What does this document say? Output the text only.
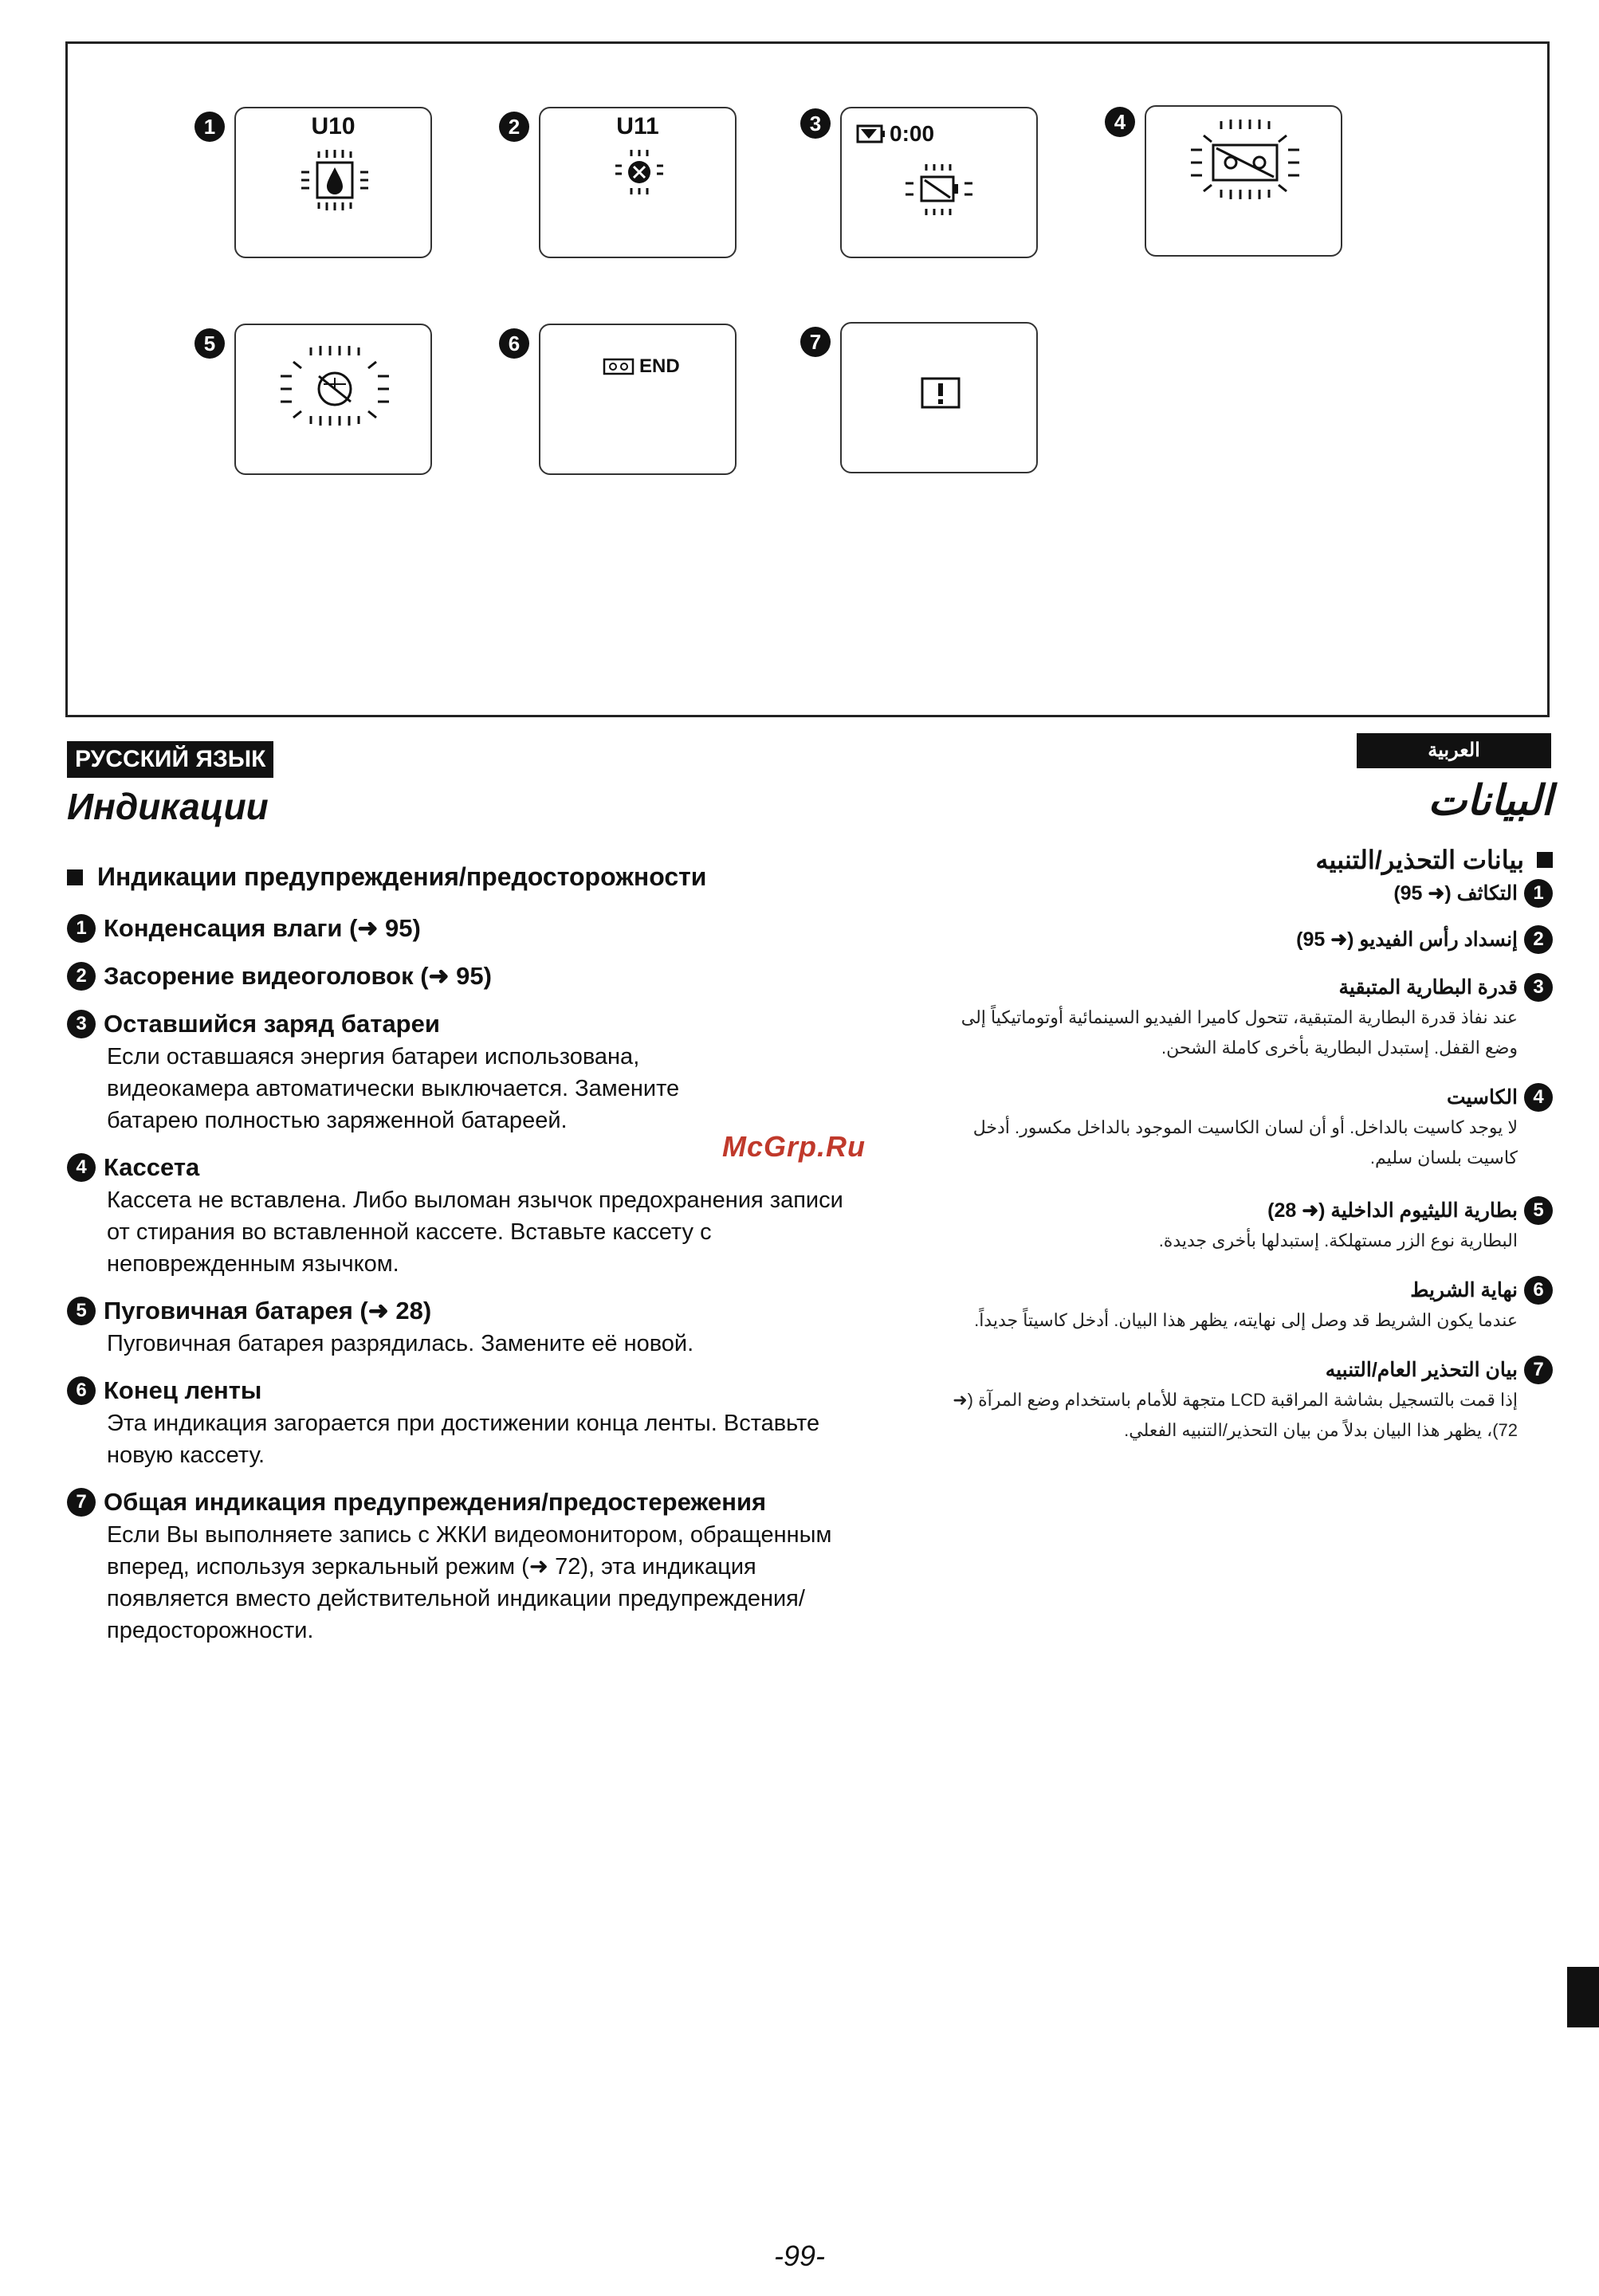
1	U10	2	U11	3	0:00	4
5	6
END
7
РУССКИЙ ЯЗЫК
Индикации
Индикации предупреждения/предосторожности
1 Конденсация влаги (➜ 95)
2 Засорение видеоголовок (➜ 95)
3 Оставшийся заряд батареи
Если оставшаяся энергия батареи использована, видеокамера автоматически выключается. Замените батарею полностью заряженной батареей.
4 Кассета
Кассета не вставлена. Либо выломан язычок предохранения записи от стирания во вставленной кассете. Вставьте кассету с неповрежденным язычком.
5 Пуговичная батарея (➜ 28)
Пуговичная батарея разрядилась. Замените её новой.
6 Конец ленты
Эта индикация загорается при достижении конца ленты. Вставьте новую кассету.
7 Общая индикация предупреждения/предостережения
Если Вы выполняете запись с ЖКИ видеомонитором, обращенным вперед, используя зеркальный режим (➜ 72), эта индикация появляется вместо действительной индикации предупреждения/предосторожности.
العربية
البيانات
بيانات التحذير/التنبيه
1
التكاثف (➜ 95)
2
إنسداد رأس الفيديو (➜ 95)
3
قدرة البطارية المتبقية
عند نفاذ قدرة البطارية المتبقية، تتحول كاميرا الفيديو السينمائية أوتوماتيكياً إلى وضع القفل. إستبدل البطارية بأخرى كاملة الشحن.
4
الكاسيت
لا يوجد كاسيت بالداخل. أو أن لسان الكاسيت الموجود بالداخل مكسور. أدخل كاسيت بلسان سليم.
5
بطارية الليثيوم الداخلية (➜ 28)
البطارية نوع الزر مستهلكة. إستبدلها بأخرى جديدة.
6
نهاية الشريط
عندما يكون الشريط قد وصل إلى نهايته، يظهر هذا البيان. أدخل كاسيتاً جديداً.
7
بيان التحذير العام/التنبيه
إذا قمت بالتسجيل بشاشة المراقبة LCD متجهة للأمام باستخدام وضع المرآة (➜ 72)، يظهر هذا البيان بدلاً من بيان التحذير/التنبيه الفعلي.
McGrp.Ru
-99-
